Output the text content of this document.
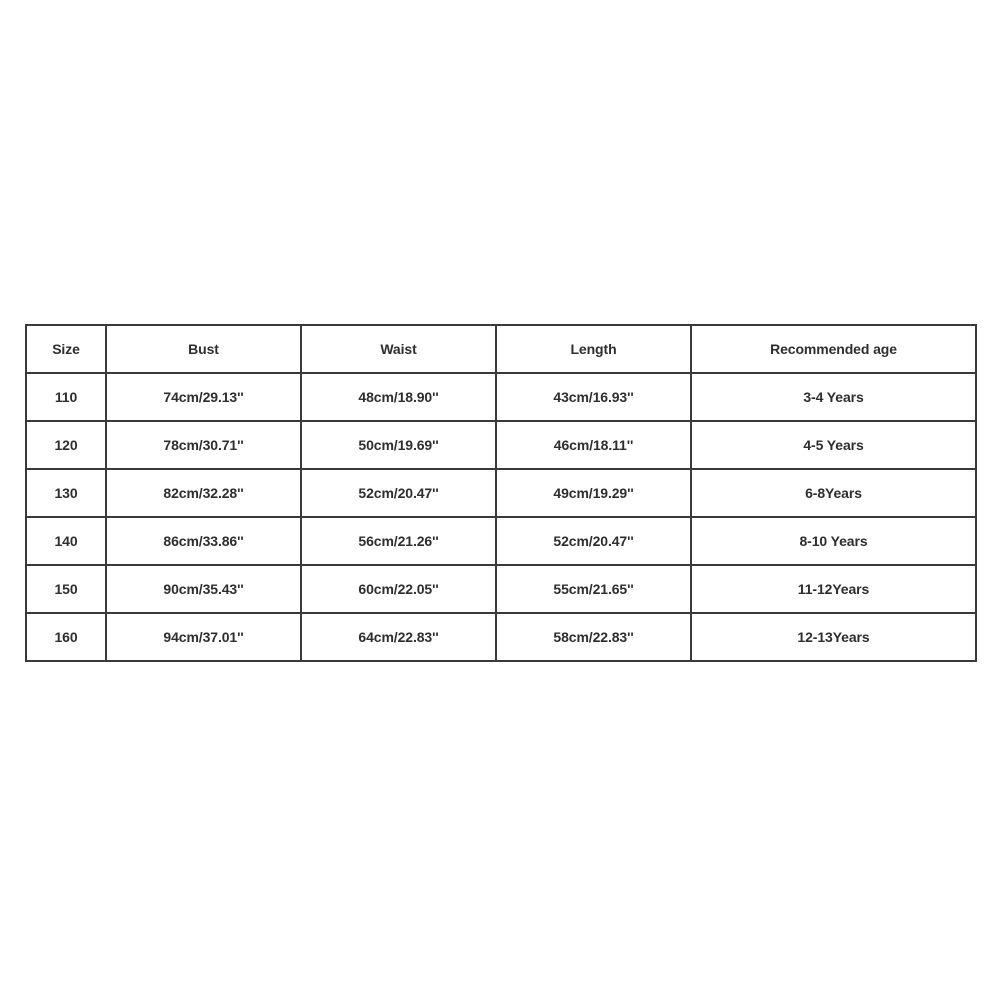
Size	Bust	Waist	Length	Recommended age
110	74cm/29.13''	48cm/18.90''	43cm/16.93''	3-4 Years
120	78cm/30.71''	50cm/19.69''	46cm/18.11''	4-5 Years
130	82cm/32.28''	52cm/20.47''	49cm/19.29''	6-8Years
140	86cm/33.86''	56cm/21.26''	52cm/20.47''	8-10 Years
150	90cm/35.43''	60cm/22.05''	55cm/21.65''	11-12Years
160	94cm/37.01''	64cm/22.83''	58cm/22.83''	12-13Years
